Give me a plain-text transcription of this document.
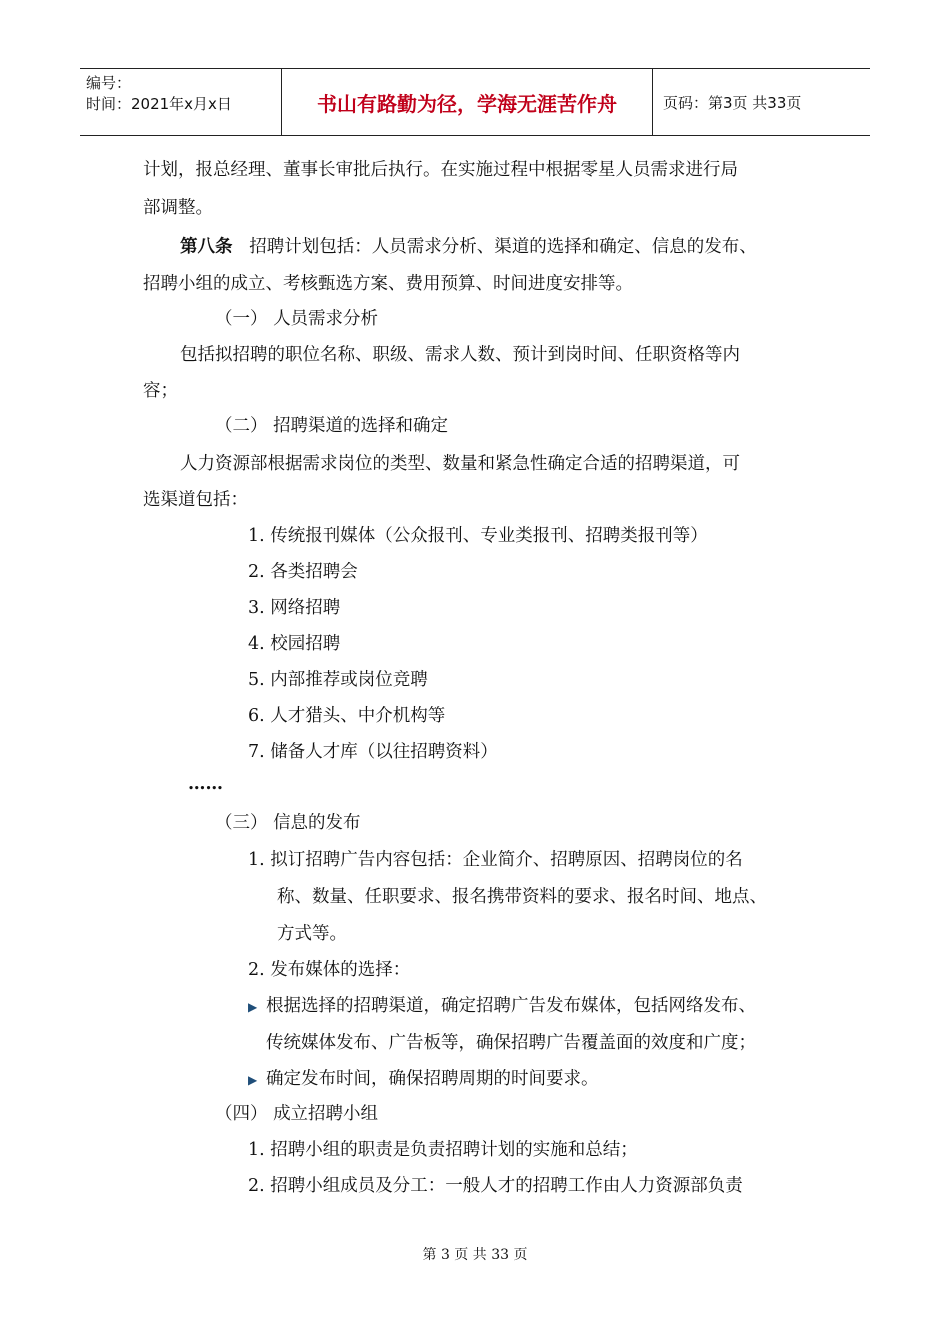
编号：
时间：2021年x月x日	书山有路勤为径，学海无涯苦作舟	页码：第3页 共33页
计划，报总经理、董事长审批后执行。在实施过程中根据零星人员需求进行局
部调整。
第八条 招聘计划包括：人员需求分析、渠道的选择和确定、信息的发布、
招聘小组的成立、考核甄选方案、费用预算、时间进度安排等。
（一） 人员需求分析
包括拟招聘的职位名称、职级、需求人数、预计到岗时间、任职资格等内
容；
（二） 招聘渠道的选择和确定
人力资源部根据需求岗位的类型、数量和紧急性确定合适的招聘渠道，可
选渠道包括：
1. 传统报刊媒体（公众报刊、专业类报刊、招聘类报刊等）
2. 各类招聘会
3. 网络招聘
4. 校园招聘
5. 内部推荐或岗位竞聘
6. 人才猎头、中介机构等
7. 储备人才库（以往招聘资料）
……
（三） 信息的发布
1. 拟订招聘广告内容包括：企业简介、招聘原因、招聘岗位的名
称、数量、任职要求、报名携带资料的要求、报名时间、地点、
方式等。
2. 发布媒体的选择：
▶ 根据选择的招聘渠道，确定招聘广告发布媒体，包括网络发布、
传统媒体发布、广告板等，确保招聘广告覆盖面的效度和广度；
▶ 确定发布时间，确保招聘周期的时间要求。
（四） 成立招聘小组
1. 招聘小组的职责是负责招聘计划的实施和总结；
2. 招聘小组成员及分工：一般人才的招聘工作由人力资源部负责
第 3 页 共 33 页
